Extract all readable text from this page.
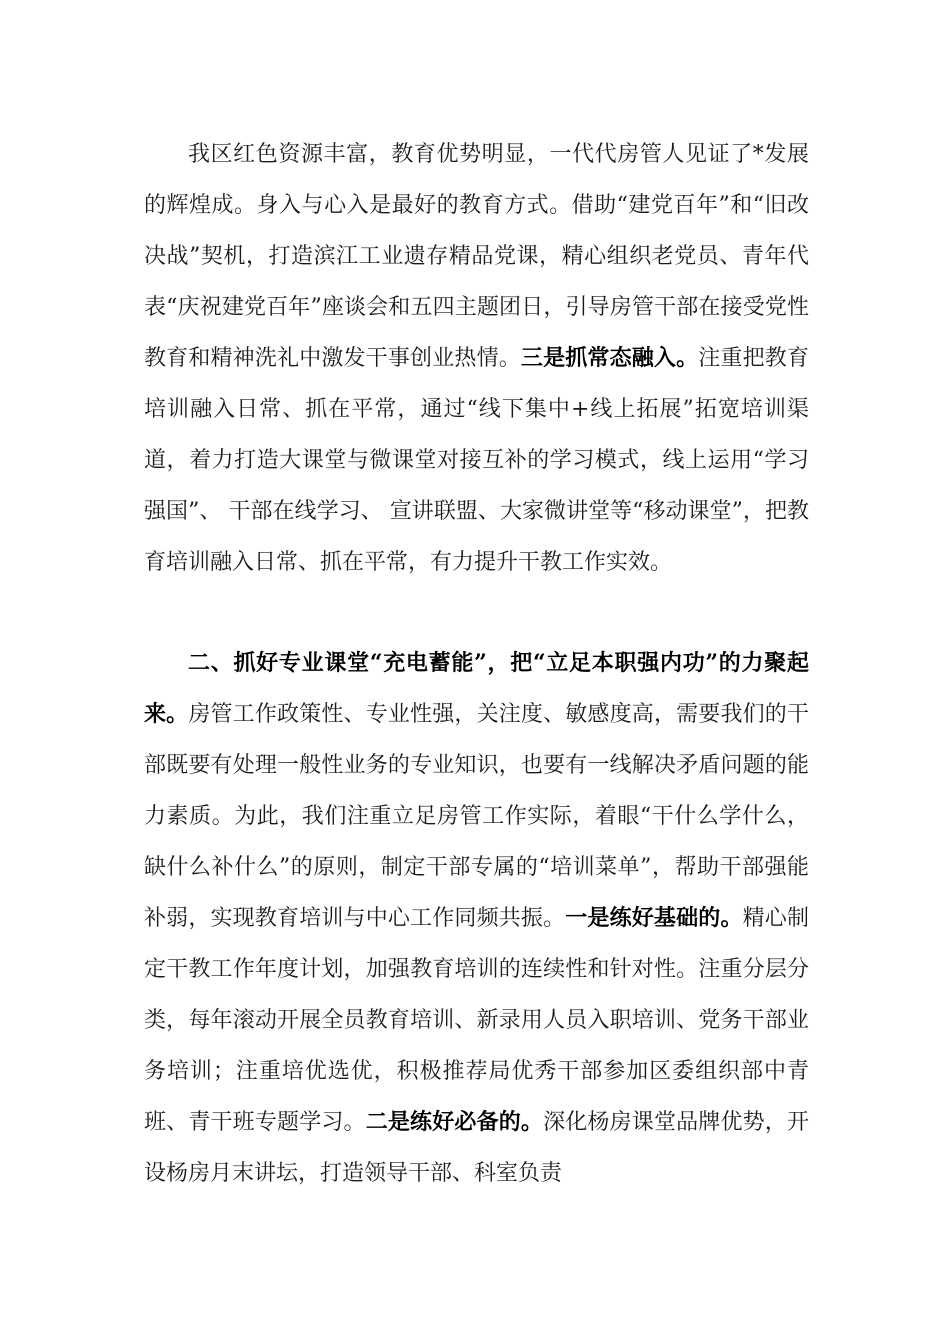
我区红色资源丰富，教育优势明显，一代代房管人见证了*发展的辉煌成。身入与心入是最好的教育方式。借助“建党百年”和“旧改决战”契机，打造滨江工业遗存精品党课，精心组织老党员、青年代表“庆祝建党百年”座谈会和五四主题团日，引导房管干部在接受党性教育和精神洗礼中激发干事创业热情。三是抓常态融入。注重把教育培训融入日常、抓在平常，通过“线下集中+线上拓展”拓宽培训渠道，着力打造大课堂与微课堂对接互补的学习模式，线上运用“学习强国”、 干部在线学习、 宣讲联盟、大家微讲堂等“移动课堂”，把教育培训融入日常、抓在平常，有力提升干教工作实效。

二、抓好专业课堂“充电蓄能”，把“立足本职强内功”的力聚起来。房管工作政策性、专业性强，关注度、敏感度高，需要我们的干部既要有处理一般性业务的专业知识，也要有一线解决矛盾问题的能力素质。为此，我们注重立足房管工作实际，着眼“干什么学什么，缺什么补什么”的原则，制定干部专属的“培训菜单”，帮助干部强能补弱，实现教育培训与中心工作同频共振。一是练好基础的。精心制定干教工作年度计划，加强教育培训的连续性和针对性。注重分层分类，每年滚动开展全员教育培训、新录用人员入职培训、党务干部业务培训；注重培优选优，积极推荐局优秀干部参加区委组织部中青班、青干班专题学习。二是练好必备的。深化杨房课堂品牌优势，开设杨房月末讲坛，打造领导干部、科室负责
